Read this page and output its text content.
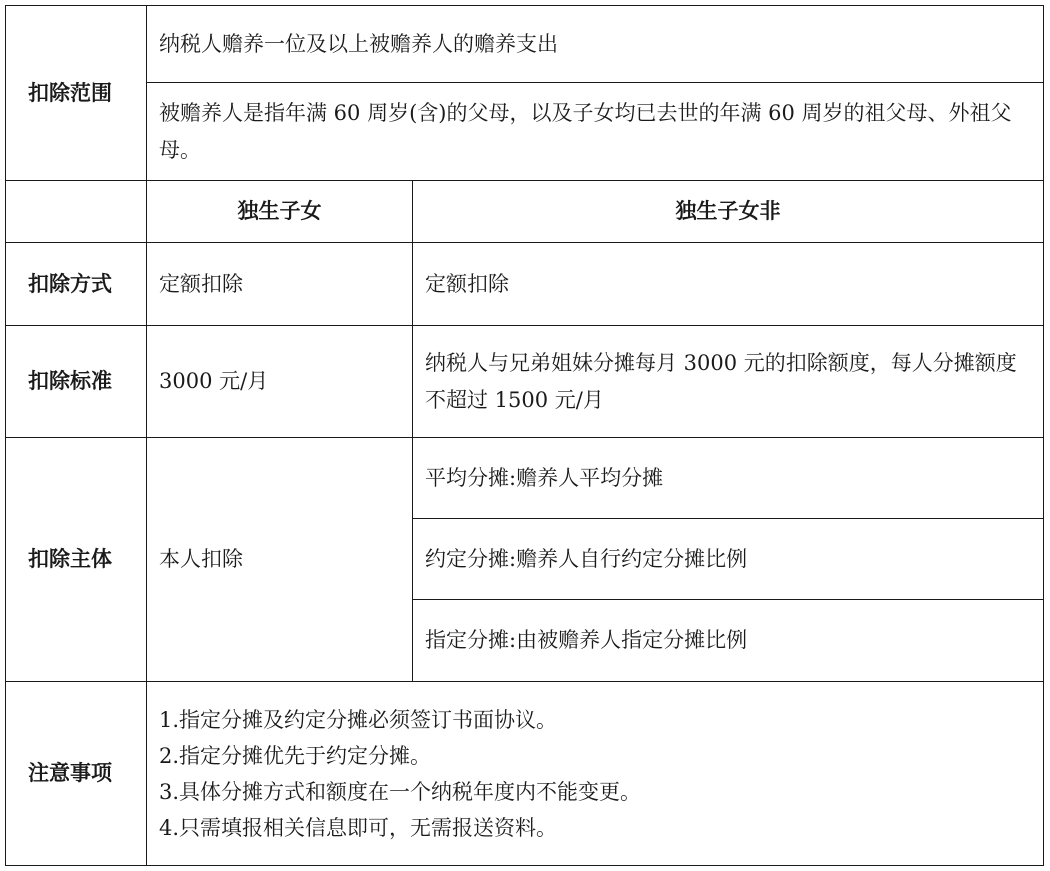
扣除范围	纳税人赡养一位及以上被赡养人的赡养支出	
	被赡养人是指年满 60 周岁(含)的父母，以及子女均已去世的年满 60 周岁的祖父母、外祖父母。	
	独生子女	独生子女非
扣除方式	定额扣除	定额扣除
扣除标准	3000 元/月	纳税人与兄弟姐妹分摊每月 3000 元的扣除额度，每人分摊额度不超过 1500 元/月
扣除主体	本人扣除	平均分摊:赡养人平均分摊
		约定分摊:赡养人自行约定分摊比例
		指定分摊:由被赡养人指定分摊比例
注意事项	1.指定分摊及约定分摊必须签订书面协议。
2.指定分摊优先于约定分摊。
3.具体分摊方式和额度在一个纳税年度内不能变更。
4.只需填报相关信息即可，无需报送资料。	
